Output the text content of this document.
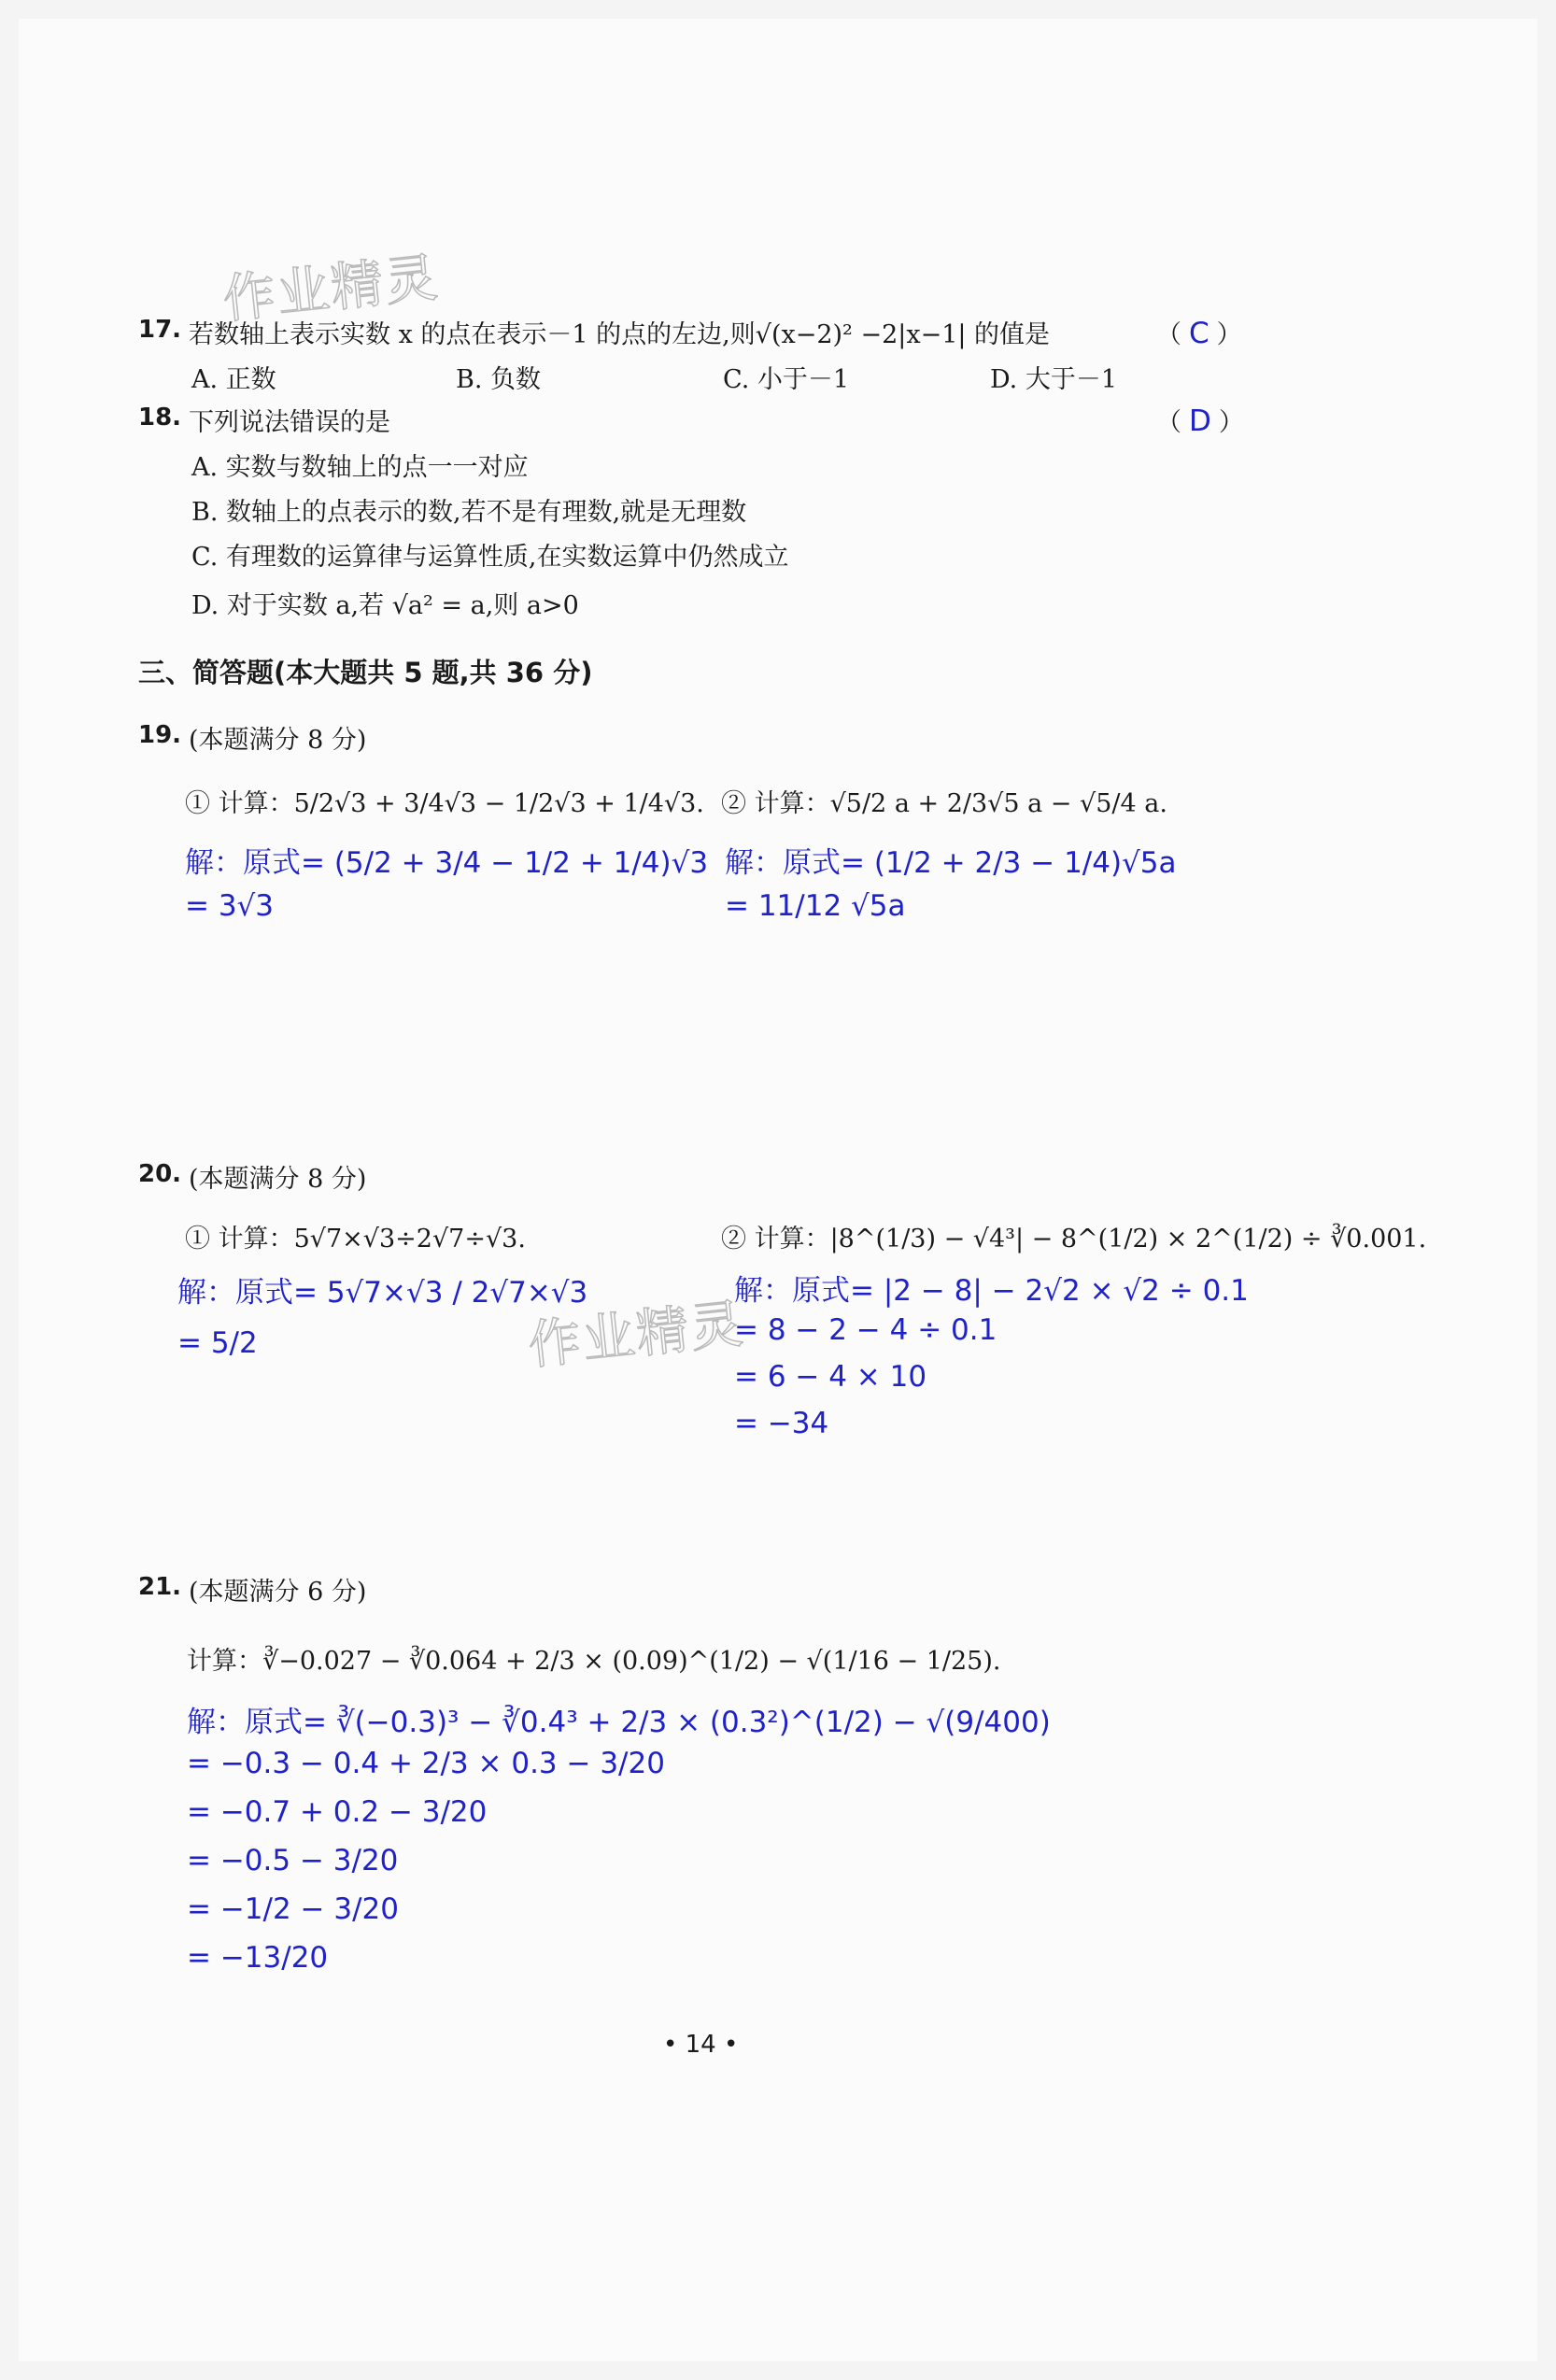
作业精灵
作业精灵
17. 若数轴上表示实数 x 的点在表示－1 的点的左边,则√(x−2)² −2|x−1| 的值是	（ C ）
A. 正数	B. 负数	C. 小于－1	D. 大于－1
18. 下列说法错误的是	（ D ）
A. 实数与数轴上的点一一对应
B. 数轴上的点表示的数,若不是有理数,就是无理数
C. 有理数的运算律与运算性质,在实数运算中仍然成立
D. 对于实数 a,若 √a² = a,则 a>0
三、简答题(本大题共 5 题,共 36 分)
19. (本题满分 8 分)
① 计算：5/2√3 + 3/4√3 − 1/2√3 + 1/4√3. ② 计算：√5/2 a + 2/3√5 a − √5/4 a.
解：原式= (5/2 + 3/4 − 1/2 + 1/4)√3
= 3√3
解：原式= (1/2 + 2/3 − 1/4)√5a
= 11/12 √5a
20. (本题满分 8 分)
① 计算：5√7×√3÷2√7÷√3.	② 计算：|8^(1/3) − √4³| − 8^(1/2) × 2^(1/2) ÷ ∛0.001.
解：原式= 5√7×√3 / 2√7×√3
= 5/2
解：原式= |2 − 8| − 2√2 × √2 ÷ 0.1
= 8 − 2 − 4 ÷ 0.1
= 6 − 4 × 10
= −34
21. (本题满分 6 分)
计算：∛−0.027 − ∛0.064 + 2/3 × (0.09)^(1/2) − √(1/16 − 1/25).
解：原式= ∛(−0.3)³ − ∛0.4³ + 2/3 × (0.3²)^(1/2) − √(9/400)
= −0.3 − 0.4 + 2/3 × 0.3 − 3/20
= −0.7 + 0.2 − 3/20
= −0.5 − 3/20
= −1/2 − 3/20
= −13/20
• 14 •
